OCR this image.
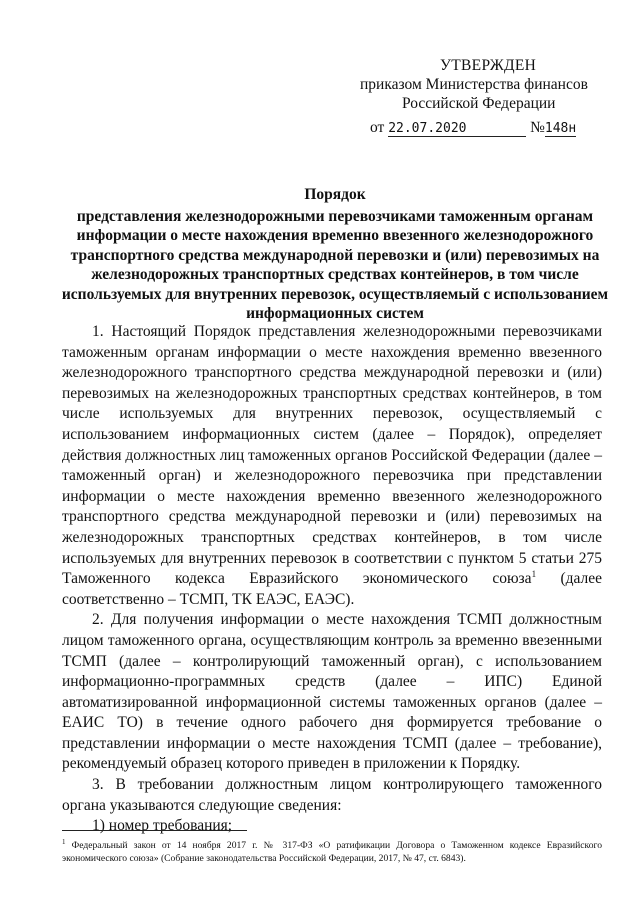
УТВЕРЖДЕН
приказом Министерства финансов
Российской Федерации
от 22.07.2020	№148н
Порядок
представления железнодорожными перевозчиками таможенным органам информации о месте нахождения временно ввезенного железнодорожного транспортного средства международной перевозки и (или) перевозимых на железнодорожных транспортных средствах контейнеров, в том числе используемых для внутренних перевозок, осуществляемый с использованием информационных систем

1. Настоящий Порядок представления железнодорожными перевозчиками таможенным органам информации о месте нахождения временно ввезенного железнодорожного транспортного средства международной перевозки и (или) перевозимых на железнодорожных транспортных средствах контейнеров, в том числе используемых для внутренних перевозок, осуществляемый с использованием информационных систем (далее – Порядок), определяет действия должностных лиц таможенных органов Российской Федерации (далее – таможенный орган) и железнодорожного перевозчика при представлении информации о месте нахождения временно ввезенного железнодорожного транспортного средства международной перевозки и (или) перевозимых на железнодорожных транспортных средствах контейнеров, в том числе используемых для внутренних перевозок в соответствии с пунктом 5 статьи 275 Таможенного кодекса Евразийского экономического союза$^1$ (далее соответственно – ТСМП, ТК ЕАЭС, ЕАЭС).

2. Для получения информации о месте нахождения ТСМП должностным лицом таможенного органа, осуществляющим контроль за временно ввезенными ТСМП (далее – контролирующий таможенный орган), с использованием информационно-программных средств (далее – ИПС) Единой автоматизированной информационной системы таможенных органов (далее – ЕАИС ТО) в течение одного рабочего дня формируется требование о представлении информации о месте нахождения ТСМП (далее – требование), рекомендуемый образец которого приведен в приложении к Порядку.

3. В требовании должностным лицом контролирующего таможенного органа указываются следующие сведения:

1) номер требования;

$^1$ Федеральный закон от 14 ноября 2017 г. № 317-ФЗ «О ратификации Договора о Таможенном кодексе Евразийского экономического союза» (Собрание законодательства Российской Федерации, 2017, № 47, ст. 6843).
